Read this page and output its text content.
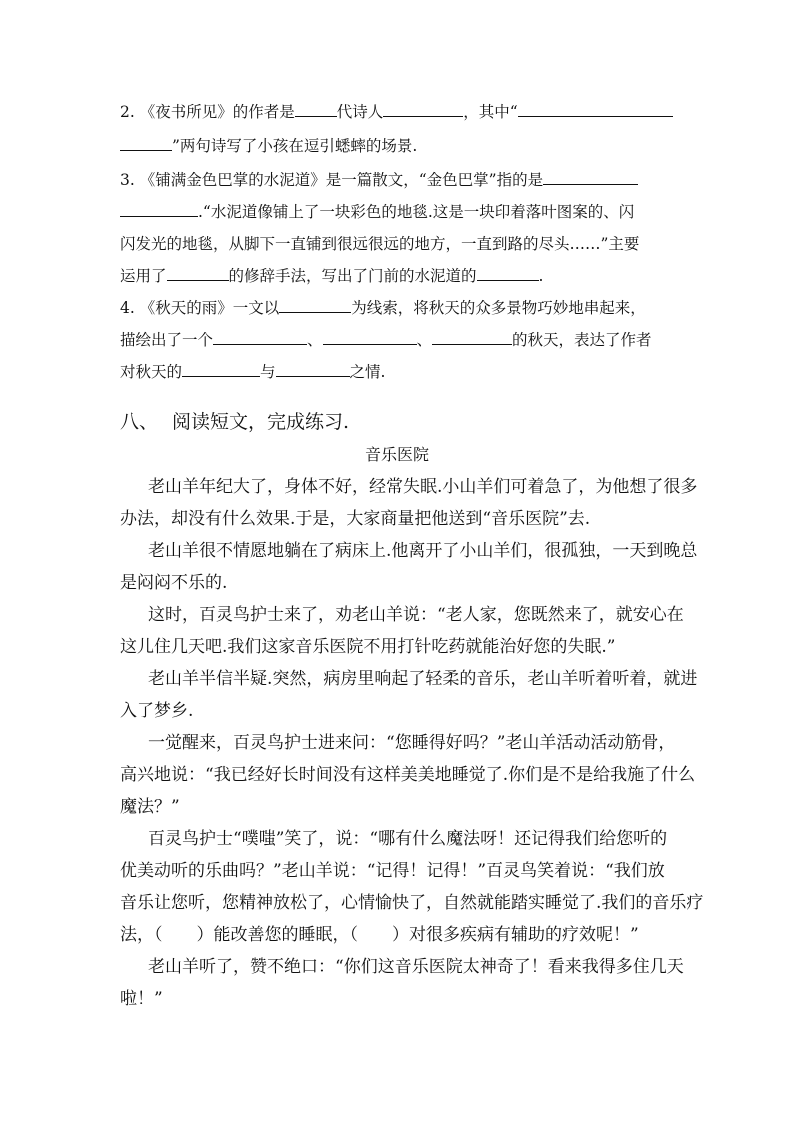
2. 《夜书所见》的作者是	代诗人	，其中“
”两句诗写了小孩在逗引蟋蟀的场景.
3. 《铺满金色巴掌的水泥道》是一篇散文，“金色巴掌”指的是
.“水泥道像铺上了一块彩色的地毯.这是一块印着落叶图案的、闪
闪发光的地毯，从脚下一直铺到很远很远的地方，一直到路的尽头……”主要
运用了	的修辞手法，写出了门前的水泥道的	.
4. 《秋天的雨》一文以	为线索，将秋天的众多景物巧妙地串起来，
描绘出了一个	、	、	的秋天，表达了作者
对秋天的	与	之情.
八、 阅读短文，完成练习.
音乐医院
老山羊年纪大了，身体不好，经常失眠.小山羊们可着急了，为他想了很多
办法，却没有什么效果.于是，大家商量把他送到“音乐医院”去.
老山羊很不情愿地躺在了病床上.他离开了小山羊们，很孤独，一天到晚总
是闷闷不乐的.
这时，百灵鸟护士来了，劝老山羊说：“老人家，您既然来了，就安心在
这儿住几天吧.我们这家音乐医院不用打针吃药就能治好您的失眠.”
老山羊半信半疑.突然，病房里响起了轻柔的音乐，老山羊听着听着，就进
入了梦乡.
一觉醒来，百灵鸟护士进来问：“您睡得好吗？”老山羊活动活动筋骨，
高兴地说：“我已经好长时间没有这样美美地睡觉了.你们是不是给我施了什么
魔法？”
百灵鸟护士“噗嗤”笑了，说：“哪有什么魔法呀！还记得我们给您听的
优美动听的乐曲吗？”老山羊说：“记得！记得！”百灵鸟笑着说：“我们放
音乐让您听，您精神放松了，心情愉快了，自然就能踏实睡觉了.我们的音乐疗
法，（　　）能改善您的睡眠，（　　）对很多疾病有辅助的疗效呢！”
老山羊听了，赞不绝口：“你们这音乐医院太神奇了！看来我得多住几天
啦！”
